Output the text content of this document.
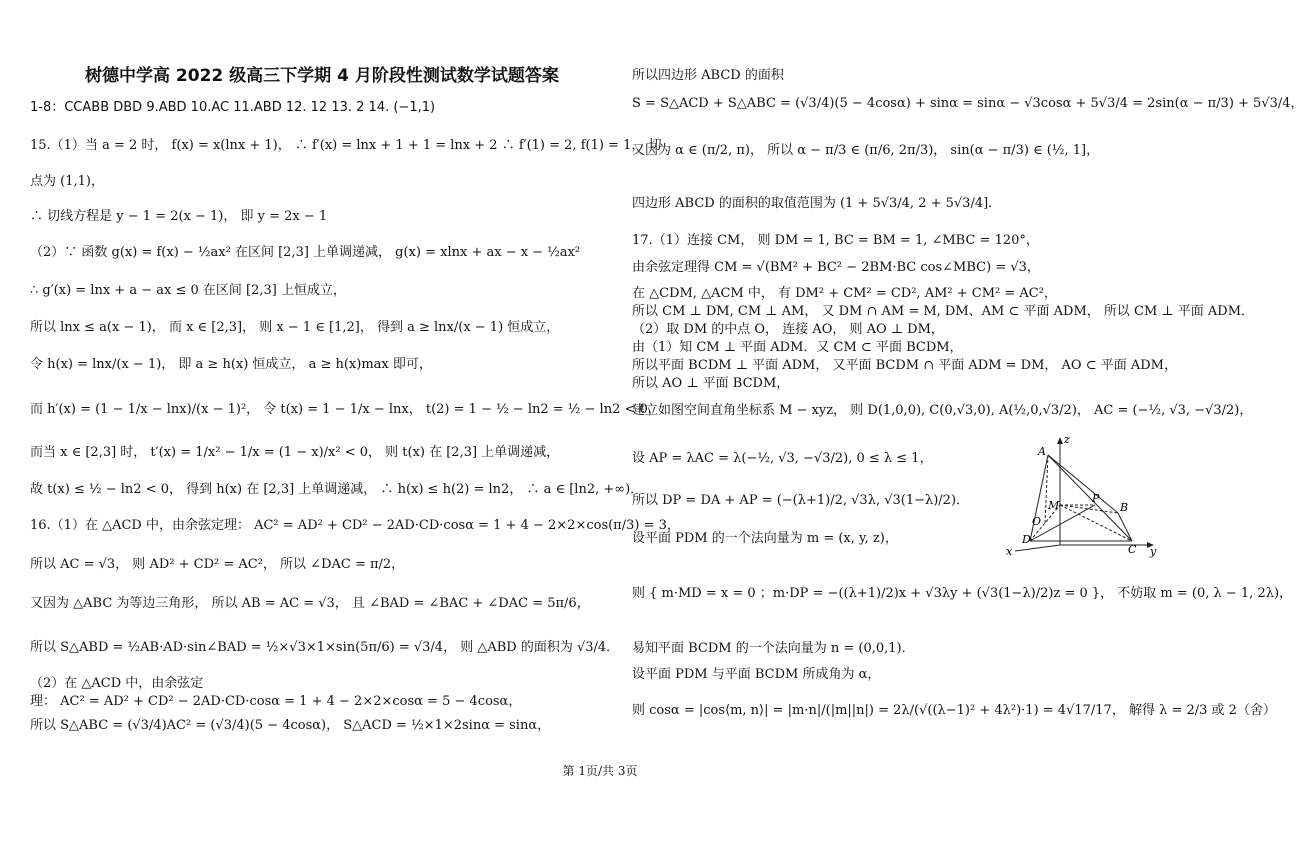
树德中学高 2022 级高三下学期 4 月阶段性测试数学试题答案
1-8：CCABB DBD 9.ABD 10.AC 11.ABD 12. 12 13. 2 14. (−1,1)
15.（1）当 a = 2 时， f(x) = x(lnx + 1)， ∴ f′(x) = lnx + 1 + 1 = lnx + 2 ∴ f′(1) = 2, f(1) = 1， 切
点为 (1,1)，
∴ 切线方程是 y − 1 = 2(x − 1)， 即 y = 2x − 1
（2）∵ 函数 g(x) = f(x) − ½ax² 在区间 [2,3] 上单调递减， g(x) = xlnx + ax − x − ½ax²
∴ g′(x) = lnx + a − ax ≤ 0 在区间 [2,3] 上恒成立，
所以 lnx ≤ a(x − 1)， 而 x ∈ [2,3]， 则 x − 1 ∈ [1,2]， 得到 a ≥ lnx/(x − 1) 恒成立，
令 h(x) = lnx/(x − 1)， 即 a ≥ h(x) 恒成立， a ≥ h(x)max 即可，
而 h′(x) = (1 − 1/x − lnx)/(x − 1)²， 令 t(x) = 1 − 1/x − lnx， t(2) = 1 − ½ − ln2 = ½ − ln2 < 0，
而当 x ∈ [2,3] 时， t′(x) = 1/x² − 1/x = (1 − x)/x² < 0， 则 t(x) 在 [2,3] 上单调递减，
故 t(x) ≤ ½ − ln2 < 0， 得到 h(x) 在 [2,3] 上单调递减， ∴ h(x) ≤ h(2) = ln2， ∴ a ∈ [ln2, +∞)．
16.（1）在 △ACD 中，由余弦定理： AC² = AD² + CD² − 2AD·CD·cosα = 1 + 4 − 2×2×cos(π/3) = 3，
所以 AC = √3， 则 AD² + CD² = AC²， 所以 ∠DAC = π/2，
又因为 △ABC 为等边三角形， 所以 AB = AC = √3， 且 ∠BAD = ∠BAC + ∠DAC = 5π/6，
所以 S△ABD = ½AB·AD·sin∠BAD = ½×√3×1×sin(5π/6) = √3/4， 则 △ABD 的面积为 √3/4．
（2）在 △ACD 中，由余弦定
理： AC² = AD² + CD² − 2AD·CD·cosα = 1 + 4 − 2×2×cosα = 5 − 4cosα，
所以 S△ABC = (√3/4)AC² = (√3/4)(5 − 4cosα)， S△ACD = ½×1×2sinα = sinα，
所以四边形 ABCD 的面积
S = S△ACD + S△ABC = (√3/4)(5 − 4cosα) + sinα = sinα − √3cosα + 5√3/4 = 2sin(α − π/3) + 5√3/4，
又因为 α ∈ (π/2, π)， 所以 α − π/3 ∈ (π/6, 2π/3)， sin(α − π/3) ∈ (½, 1]，
四边形 ABCD 的面积的取值范围为 (1 + 5√3/4, 2 + 5√3/4]．
17.（1）连接 CM， 则 DM = 1, BC = BM = 1, ∠MBC = 120°，
由余弦定理得 CM = √(BM² + BC² − 2BM·BC cos∠MBC) = √3，
在 △CDM, △ACM 中， 有 DM² + CM² = CD², AM² + CM² = AC²，
所以 CM ⊥ DM, CM ⊥ AM， 又 DM ∩ AM = M, DM、AM ⊂ 平面 ADM， 所以 CM ⊥ 平面 ADM．
（2）取 DM 的中点 O， 连接 AO， 则 AO ⊥ DM，
由（1）知 CM ⊥ 平面 ADM．又 CM ⊂ 平面 BCDM，
所以平面 BCDM ⊥ 平面 ADM， 又平面 BCDM ∩ 平面 ADM = DM， AO ⊂ 平面 ADM，
所以 AO ⊥ 平面 BCDM，
建立如图空间直角坐标系 M − xyz， 则 D(1,0,0), C(0,√3,0), A(½,0,√3/2)， AC = (−½, √3, −√3/2)，
设 AP = λAC = λ(−½, √3, −√3/2), 0 ≤ λ ≤ 1，
所以 DP = DA + AP = (−(λ+1)/2, √3λ, √3(1−λ)/2)．
设平面 PDM 的一个法向量为 m = (x, y, z)，
则 { m·MD = x = 0 ；m·DP = −((λ+1)/2)x + √3λy + (√3(1−λ)/2)z = 0 }， 不妨取 m = (0, λ − 1, 2λ)，
易知平面 BCDM 的一个法向量为 n = (0,0,1)．
设平面 PDM 与平面 BCDM 所成角为 α，
则 cosα = |cos⟨m, n⟩| = |m·n|/(|m||n|) = 2λ/(√((λ−1)² + 4λ²)·1) = 4√17/17， 解得 λ = 2/3 或 2（舍）
z
A
M
O
P
B
D
C
x	y
第 1页/共 3页
